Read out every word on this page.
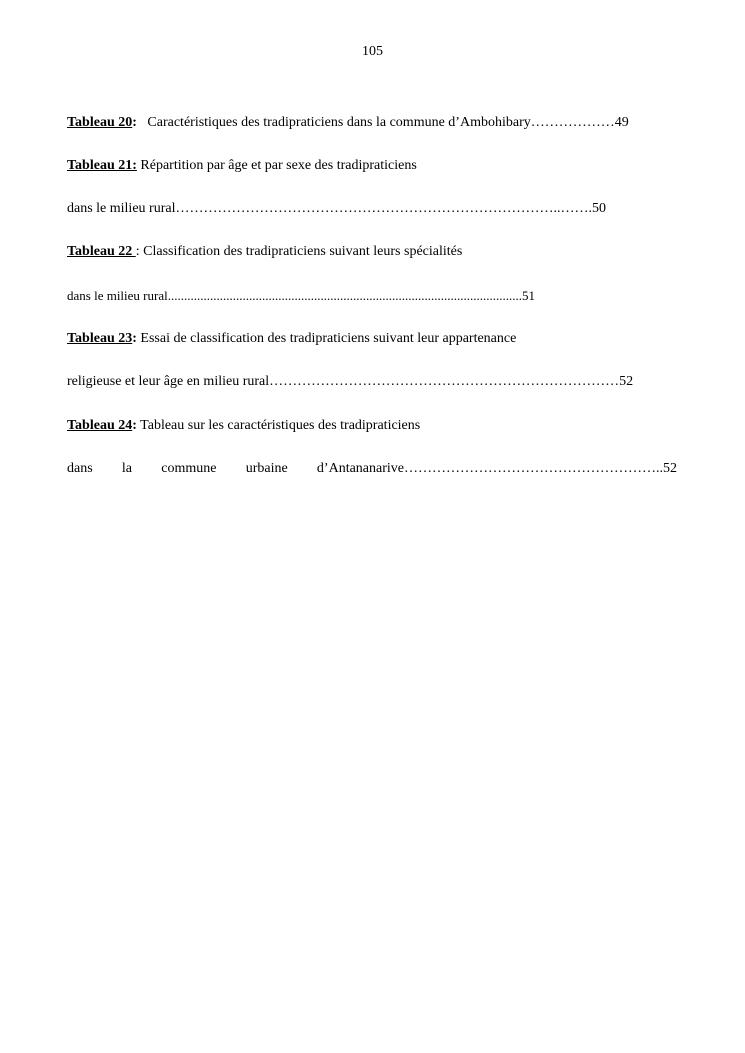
105
Tableau 20:   Caractéristiques des tradipraticiens dans la commune d’Ambohibary………………49
Tableau 21: Répartition par âge et par sexe des tradipraticiens
dans le milieu rural………………………………………………………………………..…….50
Tableau 22 : Classification des tradipraticiens suivant leurs spécialités
dans le milieu rural.............................................................................................................51
Tableau 23: Essai de classification des tradipraticiens suivant leur appartenance
religieuse et leur âge en milieu rural…………………………………………………………………52
Tableau 24: Tableau sur les caractéristiques des tradipraticiens
dans la commune urbaine d’Antananarive………………………………………………..52
